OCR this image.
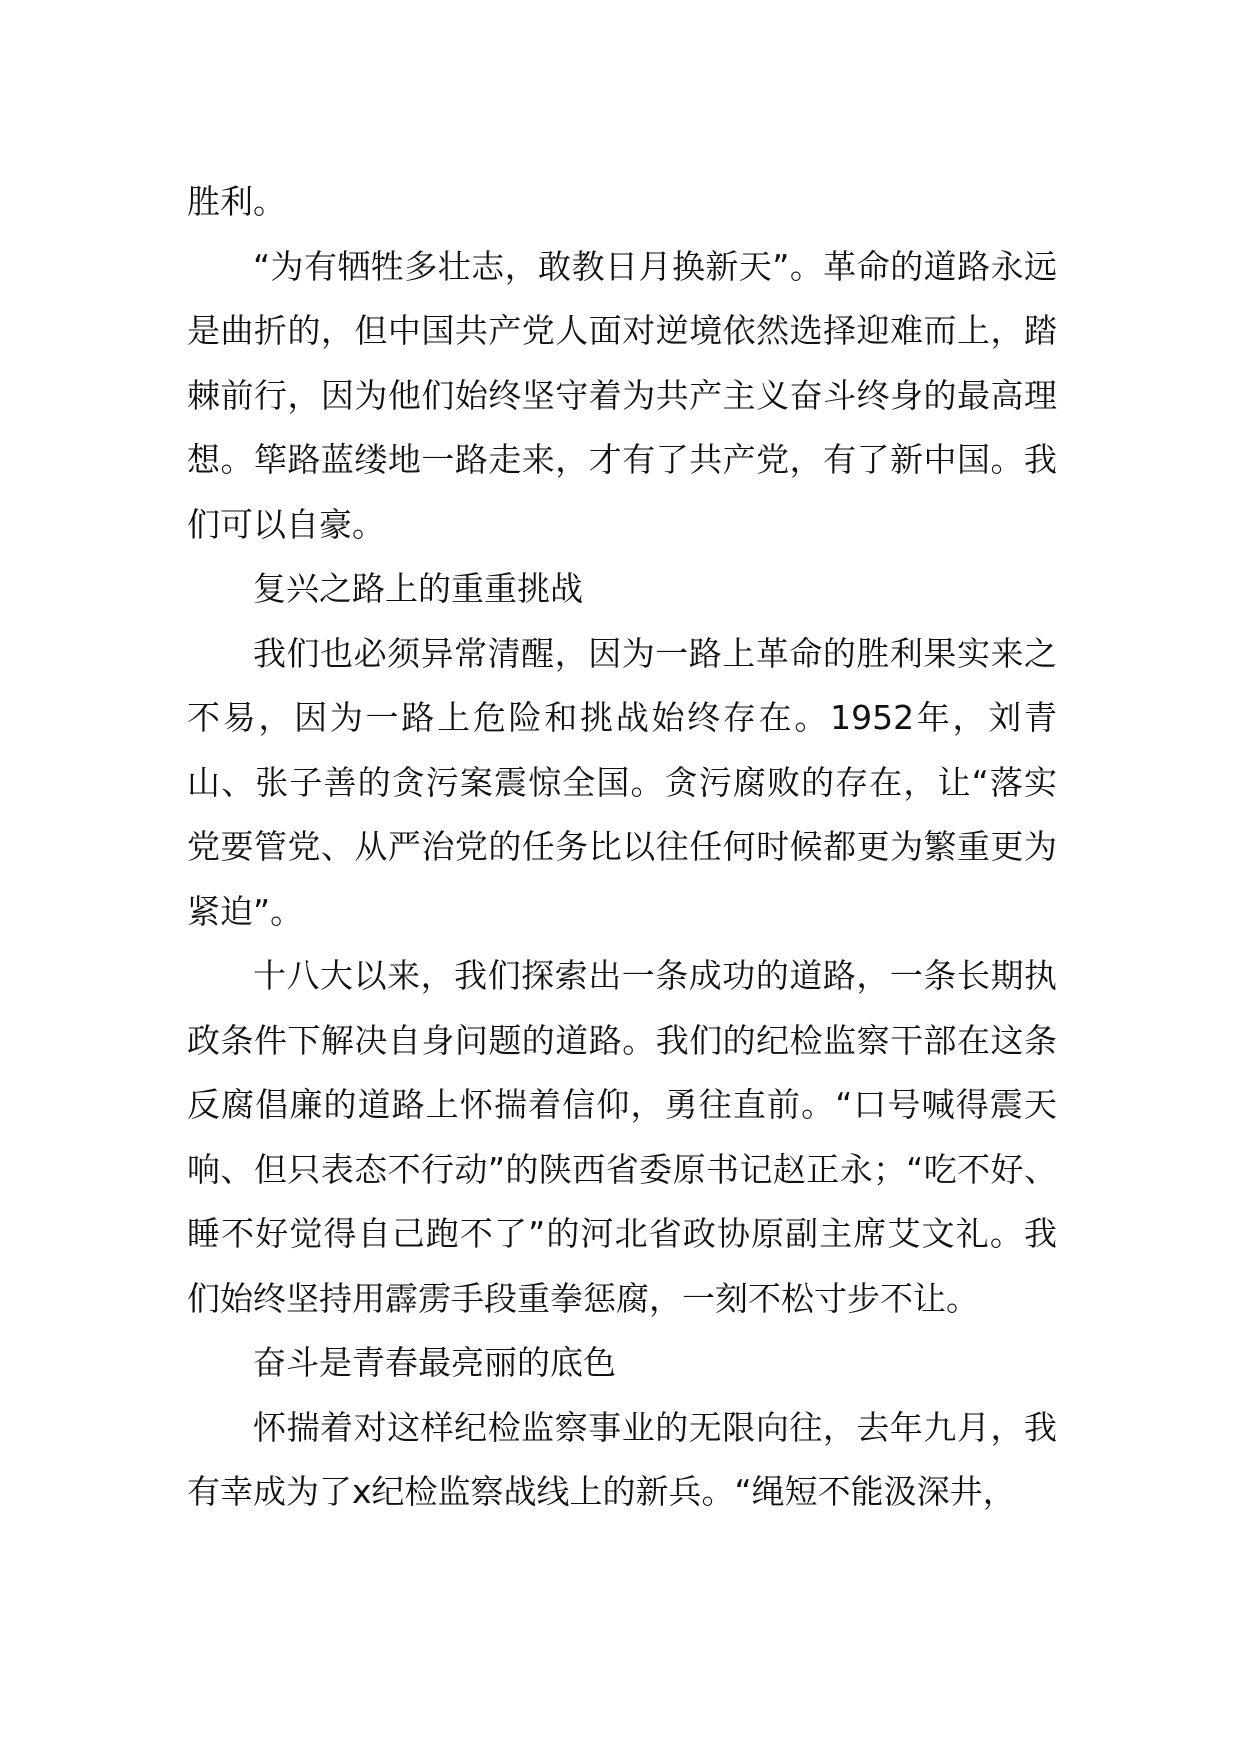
胜利。

“为有牺牲多壮志，敢教日月换新天”。革命的道路永远是曲折的，但中国共产党人面对逆境依然选择迎难而上，踏棘前行，因为他们始终坚守着为共产主义奋斗终身的最高理想。筚路蓝缕地一路走来，才有了共产党，有了新中国。我们可以自豪。

复兴之路上的重重挑战

我们也必须异常清醒，因为一路上革命的胜利果实来之不易，因为一路上危险和挑战始终存在。1952年，刘青山、张子善的贪污案震惊全国。贪污腐败的存在，让“落实党要管党、从严治党的任务比以往任何时候都更为繁重更为紧迫”。

十八大以来，我们探索出一条成功的道路，一条长期执政条件下解决自身问题的道路。我们的纪检监察干部在这条反腐倡廉的道路上怀揣着信仰，勇往直前。“口号喊得震天响、但只表态不行动”的陕西省委原书记赵正永；“吃不好、睡不好觉得自己跑不了”的河北省政协原副主席艾文礼。我们始终坚持用霹雳手段重拳惩腐，一刻不松寸步不让。

奋斗是青春最亮丽的底色

怀揣着对这样纪检监察事业的无限向往，去年九月，我有幸成为了x纪检监察战线上的新兵。“绳短不能汲深井，
